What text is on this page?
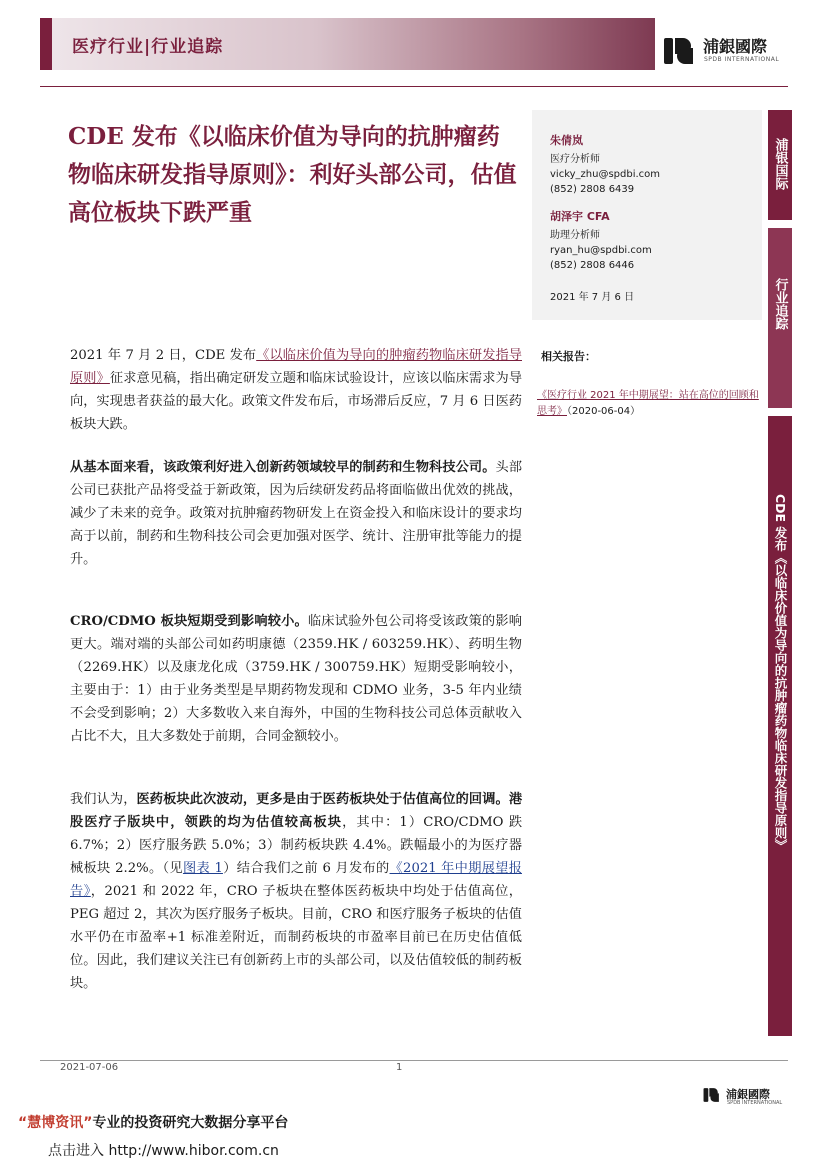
医疗行业|行业追踪	浦銀國際
SPDB INTERNATIONAL
CDE 发布《以临床价值为导向的抗肿瘤药物临床研发指导原则》：利好头部公司，估值高位板块下跌严重
朱倩岚
医疗分析师
vicky_zhu@spdbi.com
(852) 2808 6439
胡泽宇 CFA
助理分析师
ryan_hu@spdbi.com
(852) 2808 6446
2021 年 7 月 6 日
相关报告：
《医疗行业 2021 年中期展望：站在高位的回顾和思考》（2020-06-04）
浦银国际
行业追踪
CDE 发布《以临床价值为导向的抗肿瘤药物临床研发指导原则》
2021 年 7 月 2 日，CDE 发布《以临床价值为导向的肿瘤药物临床研发指导原则》征求意见稿，指出确定研发立题和临床试验设计，应该以临床需求为导向，实现患者获益的最大化。政策文件发布后，市场滞后反应，7 月 6 日医药板块大跌。
从基本面来看，该政策利好进入创新药领域较早的制药和生物科技公司。头部公司已获批产品将受益于新政策，因为后续研发药品将面临做出优效的挑战，减少了未来的竞争。政策对抗肿瘤药物研发上在资金投入和临床设计的要求均高于以前，制药和生物科技公司会更加强对医学、统计、注册审批等能力的提升。
CRO/CDMO 板块短期受到影响较小。临床试验外包公司将受该政策的影响更大。端对端的头部公司如药明康德（2359.HK / 603259.HK）、药明生物（2269.HK）以及康龙化成（3759.HK / 300759.HK）短期受影响较小，主要由于：1）由于业务类型是早期药物发现和 CDMO 业务，3-5 年内业绩不会受到影响；2）大多数收入来自海外，中国的生物科技公司总体贡献收入占比不大，且大多数处于前期，合同金额较小。
我们认为，医药板块此次波动，更多是由于医药板块处于估值高位的回调。港股医疗子版块中，领跌的均为估值较高板块，其中：1）CRO/CDMO 跌 6.7%；2）医疗服务跌 5.0%；3）制药板块跌 4.4%。跌幅最小的为医疗器械板块 2.2%。（见图表 1）结合我们之前 6 月发布的《2021 年中期展望报告》，2021 和 2022 年，CRO 子板块在整体医药板块中均处于估值高位，PEG 超过 2，其次为医疗服务子板块。目前，CRO 和医疗服务子板块的估值水平仍在市盈率+1 标准差附近，而制药板块的市盈率目前已在历史估值低位。因此，我们建议关注已有创新药上市的头部公司，以及估值较低的制药板块。
2021-07-06	1
浦銀國際
SPDB INTERNATIONAL
“慧博资讯”专业的投资研究大数据分享平台
点击进入 http://www.hibor.com.cn
